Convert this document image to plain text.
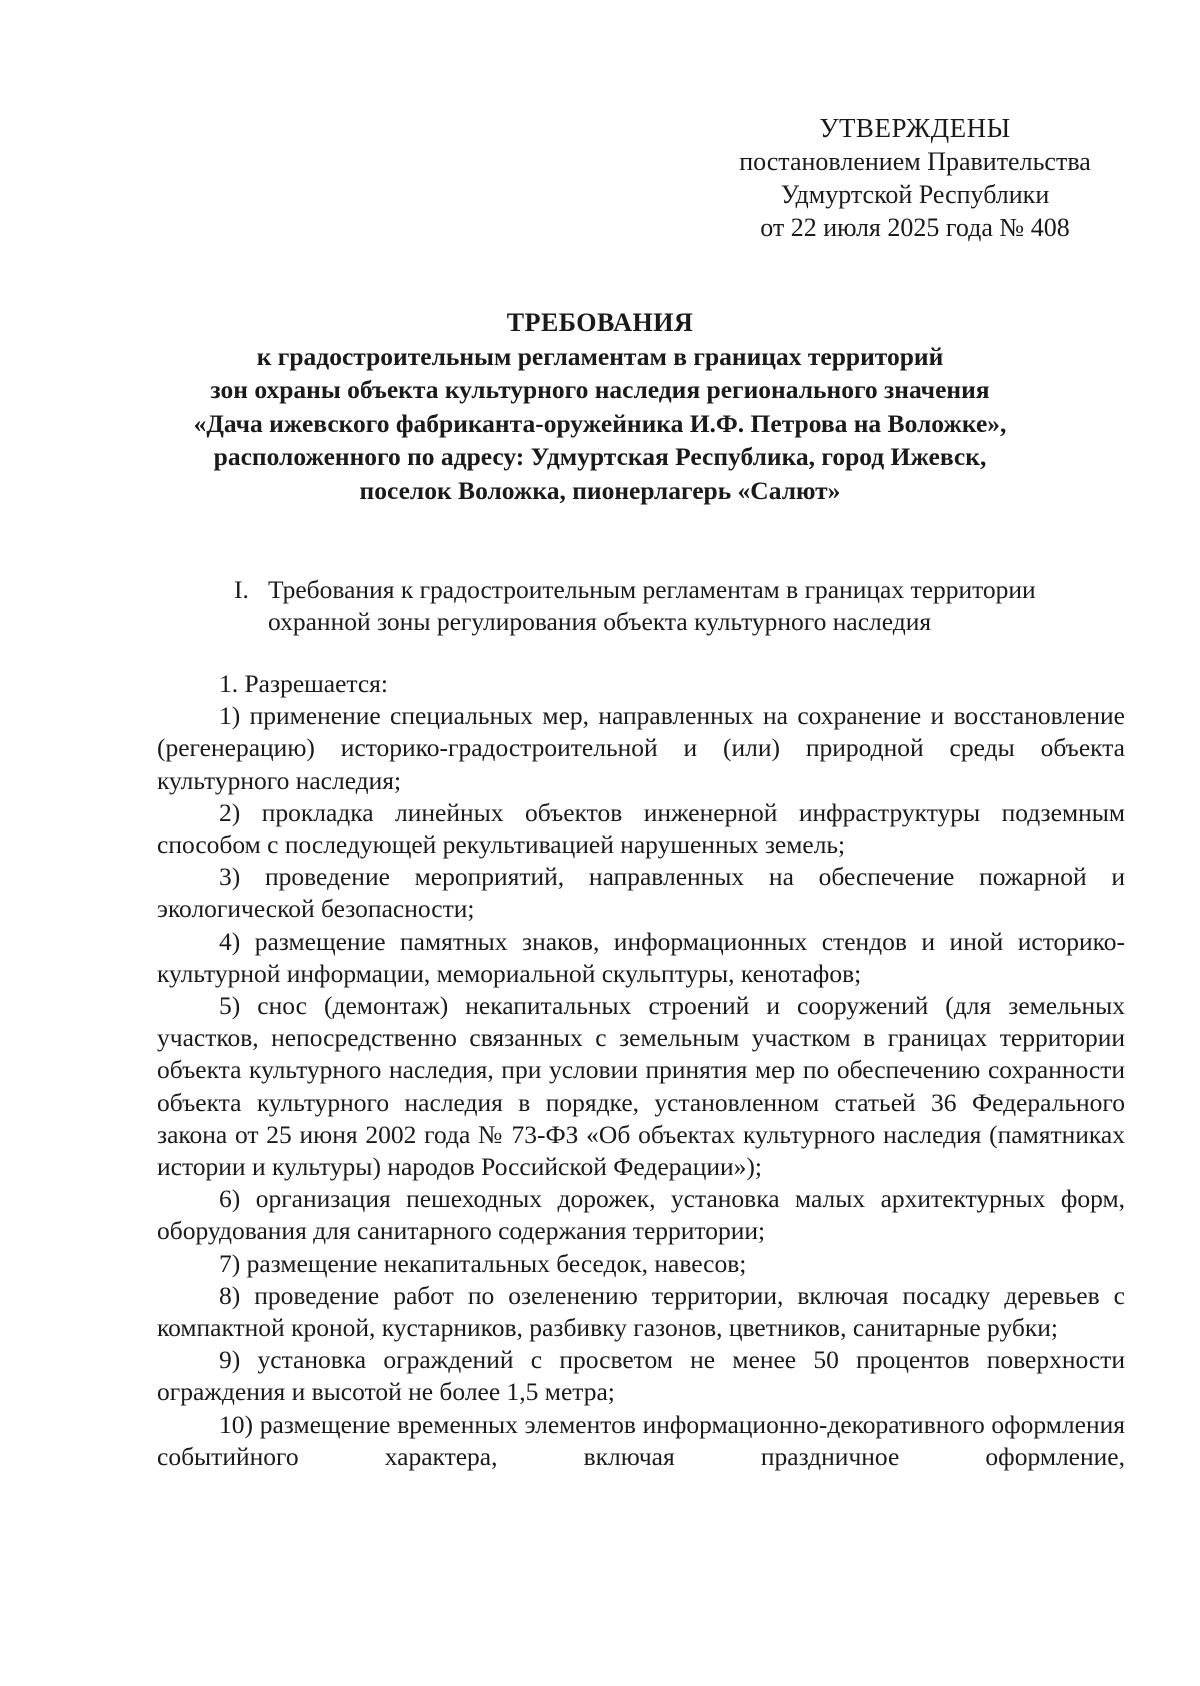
УТВЕРЖДЕНЫ
постановлением Правительства
Удмуртской Республики
от 22 июля 2025 года № 408
ТРЕБОВАНИЯ
к градостроительным регламентам в границах территорий
зон охраны объекта культурного наследия регионального значения
«Дача ижевского фабриканта-оружейника И.Ф. Петрова на Воложке»,
расположенного по адресу: Удмуртская Республика, город Ижевск,
поселок Воложка, пионерлагерь «Салют»
I. Требования к градостроительным регламентам в границах территории
охранной зоны регулирования объекта культурного наследия

1. Разрешается:

1) применение специальных мер, направленных на сохранение и восстановление (регенерацию) историко-градостроительной и (или) природной среды объекта культурного наследия;

2) прокладка линейных объектов инженерной инфраструктуры подземным способом с последующей рекультивацией нарушенных земель;

3) проведение мероприятий, направленных на обеспечение пожарной и экологической безопасности;

4) размещение памятных знаков, информационных стендов и иной историко-культурной информации, мемориальной скульптуры, кенотафов;

5) снос (демонтаж) некапитальных строений и сооружений (для земельных участков, непосредственно связанных с земельным участком в границах территории объекта культурного наследия, при условии принятия мер по обеспечению сохранности объекта культурного наследия в порядке, установленном статьей 36 Федерального закона от 25 июня 2002 года № 73-ФЗ «Об объектах культурного наследия (памятниках истории и культуры) народов Российской Федерации»);

6) организация пешеходных дорожек, установка малых архитектурных форм, оборудования для санитарного содержания территории;

7) размещение некапитальных беседок, навесов;

8) проведение работ по озеленению территории, включая посадку деревьев с компактной кроной, кустарников, разбивку газонов, цветников, санитарные рубки;

9) установка ограждений с просветом не менее 50 процентов поверхности ограждения и высотой не более 1,5 метра;

10) размещение временных элементов информационно-декоративного оформления событийного характера, включая праздничное оформление,
